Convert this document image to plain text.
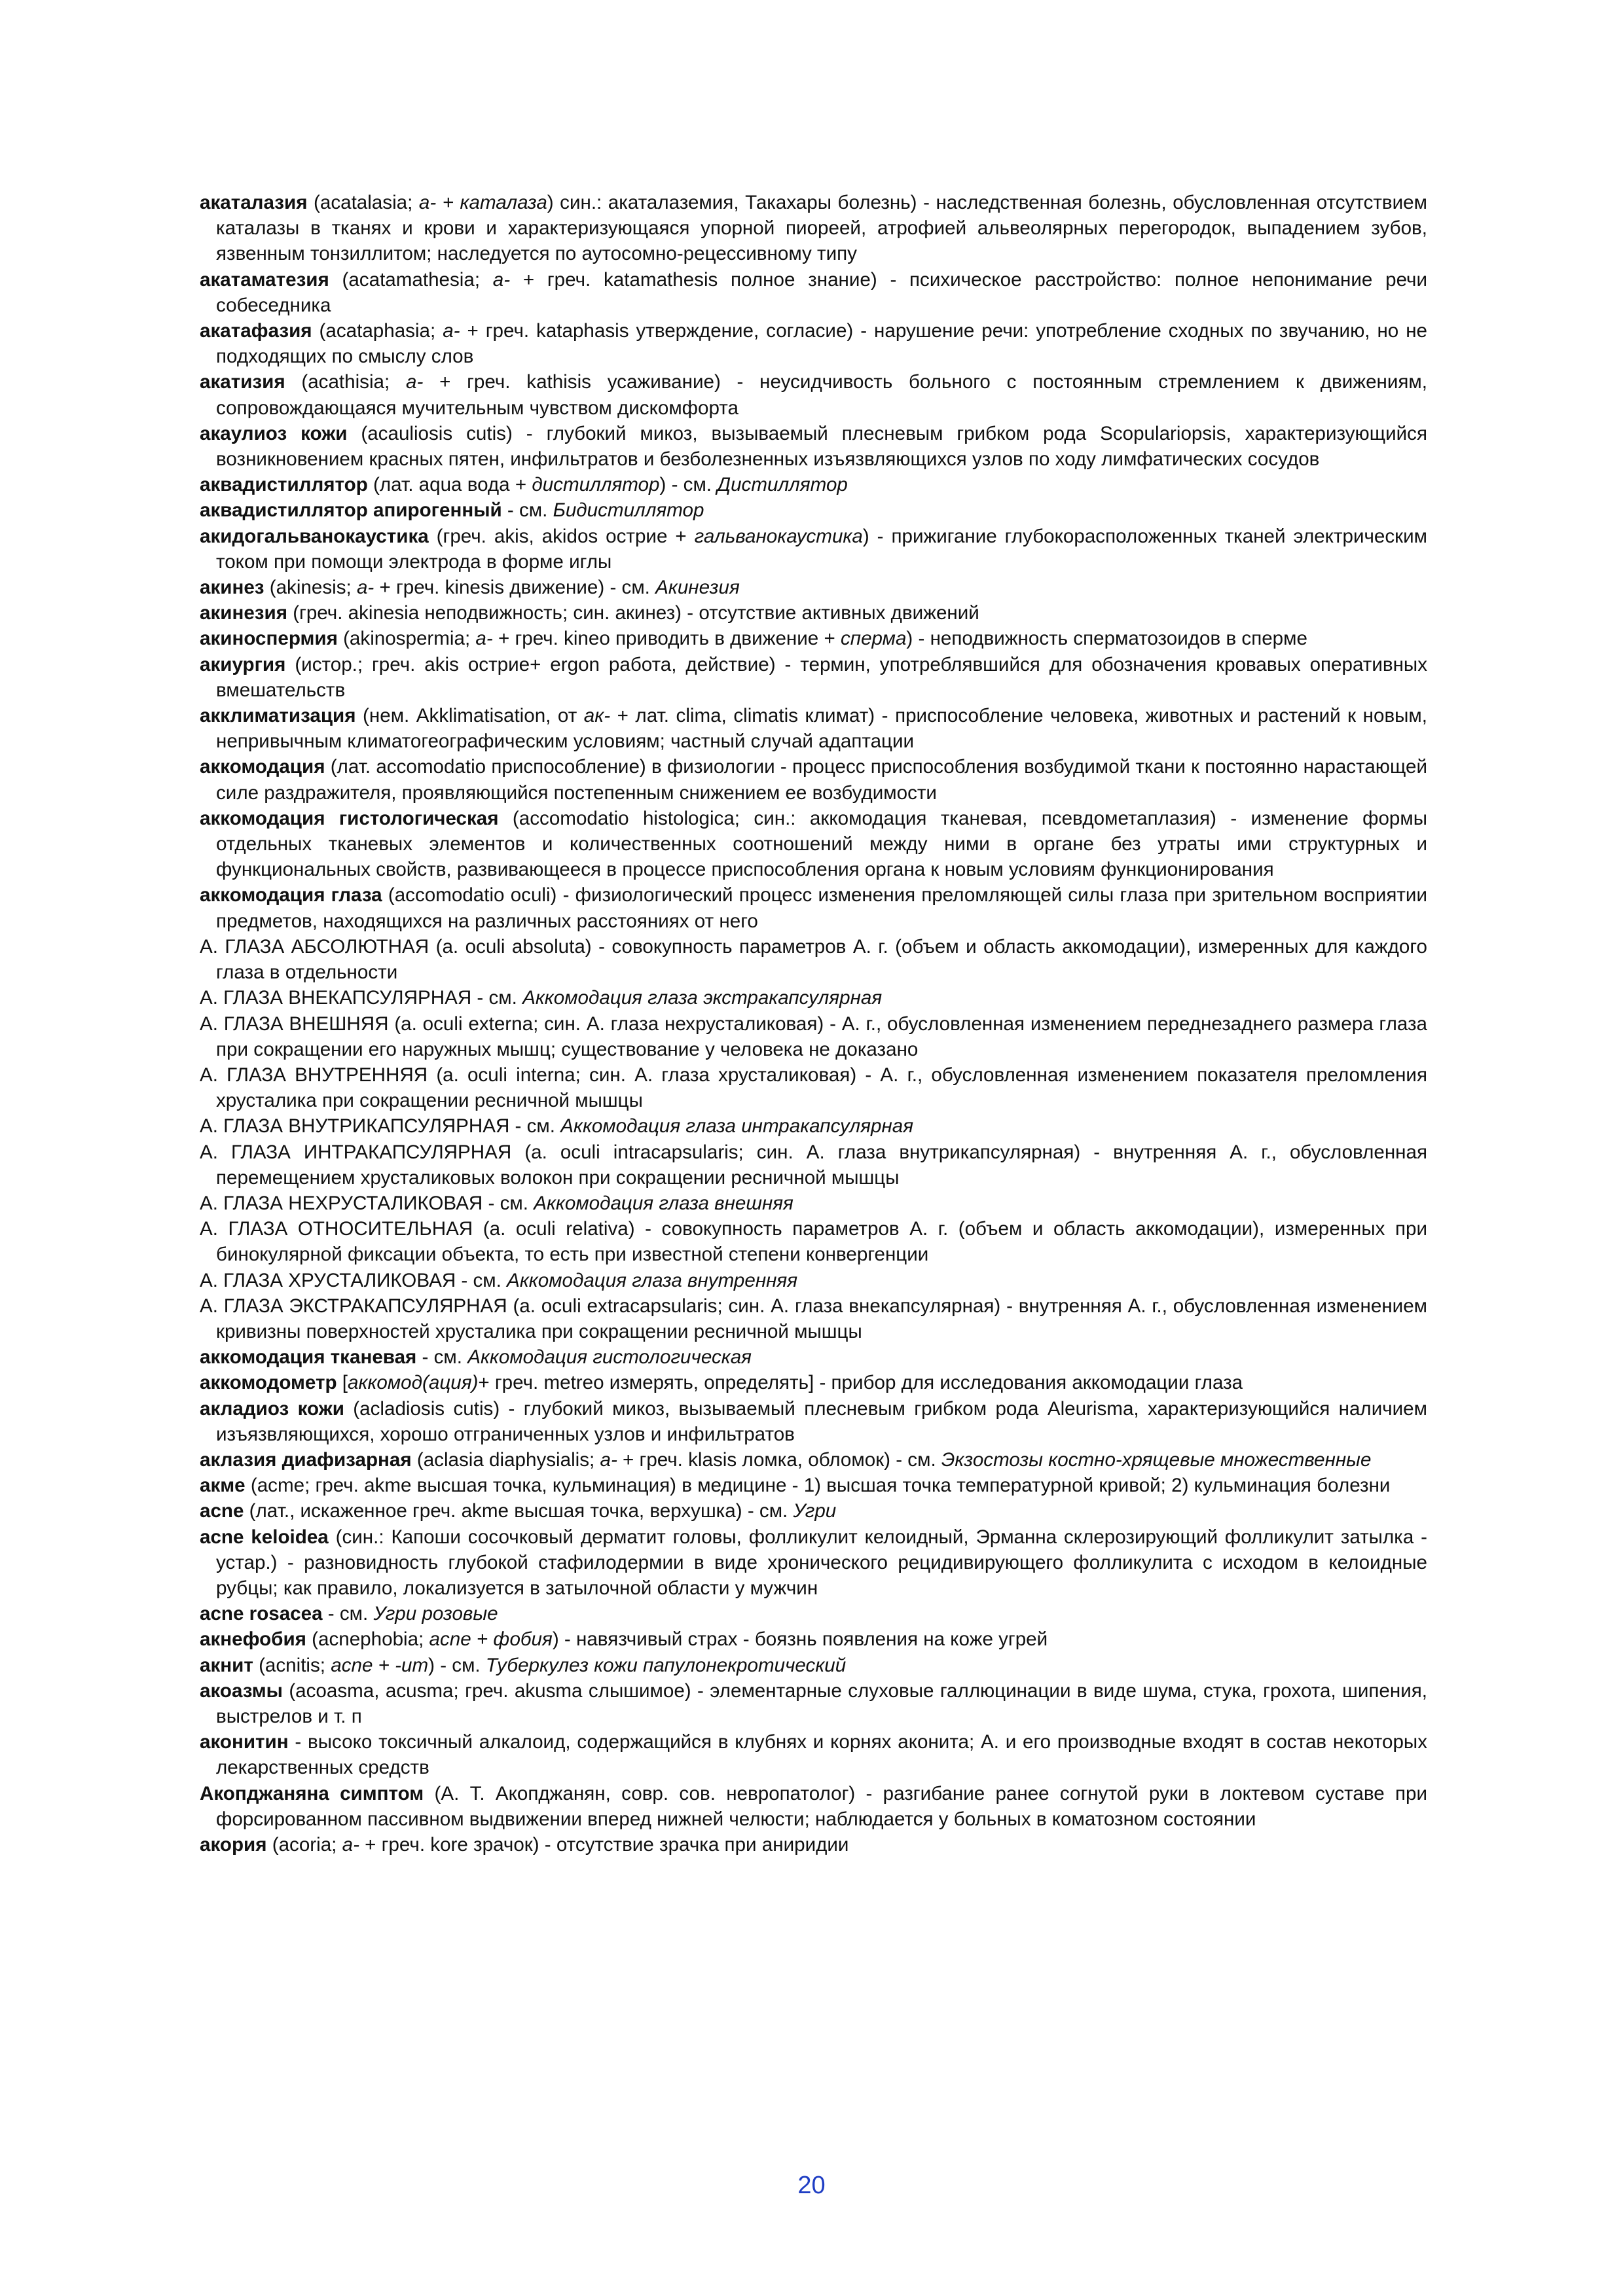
акаталазия (acatalasia; а- + каталаза) син.: акаталаземия, Такахары болезнь) - наследственная болезнь, обусловленная отсутствием каталазы в тканях и крови и характеризующаяся упорной пиореей, атрофией альвеолярных перегородок, выпадением зубов, язвенным тонзиллитом; наследуется по аутосомно-рецессивному типу

акатаматезия (acatamathesia; а- + греч. katamathesis полное знание) - психическое расстройство: полное непонимание речи собеседника

акатафазия (acataphasia; а- + греч. kataphasis утверждение, согласие) - нарушение речи: употребление сходных по звучанию, но не подходящих по смыслу слов

акатизия (acathisia; а- + греч. kathisis усаживание) - неусидчивость больного с постоянным стремлением к движениям, сопровождающаяся мучительным чувством дискомфорта

акаулиоз кожи (acauliosis cutis) - глубокий микоз, вызываемый плесневым грибком рода Scopulariopsis, характеризующийся возникновением красных пятен, инфильтратов и безболезненных изъязвляющихся узлов по ходу лимфатических сосудов

аквадистиллятор (лат. aqua вода + дистиллятор) - см. Дистиллятор

аквадистиллятор апирогенный - см. Бидистиллятор

акидогальванокаустика (греч. akis, akidos острие + гальванокаустика) - прижигание глубокорасположенных тканей электрическим током при помощи электрода в форме иглы

акинез (akinesis; а- + греч. kinesis движение) - см. Акинезия

акинезия (греч. akinesia неподвижность; син. акинез) - отсутствие активных движений

акиноспермия (akinospermia; а- + греч. kineo приводить в движение + сперма) - неподвижность сперматозоидов в сперме

акиургия (истор.; греч. akis острие+ ergon работа, действие) - термин, употреблявшийся для обозначения кровавых оперативных вмешательств

акклиматизация (нем. Akklimatisation, от ак- + лат. clima, climatis климат) - приспособление человека, животных и растений к новым, непривычным климатогеографическим условиям; частный случай адаптации

аккомодация (лат. accomodatio приспособление) в физиологии - процесс приспособления возбудимой ткани к постоянно нарастающей силе раздражителя, проявляющийся постепенным снижением ее возбудимости

аккомодация гистологическая (accomodatio histologica; син.: аккомодация тканевая, псевдометаплазия) - изменение формы отдельных тканевых элементов и количественных соотношений между ними в органе без утраты ими структурных и функциональных свойств, развивающееся в процессе приспособления органа к новым условиям функционирования

аккомодация глаза (accomodatio oculi) - физиологический процесс изменения преломляющей силы глаза при зрительном восприятии предметов, находящихся на различных расстояниях от него

А. ГЛАЗА АБСОЛЮТНАЯ (a. oculi absoluta) - совокупность параметров А. г. (объем и область аккомодации), измеренных для каждого глаза в отдельности

А. ГЛАЗА ВНЕКАПСУЛЯРНАЯ - см. Аккомодация глаза экстракапсулярная

А. ГЛАЗА ВНЕШНЯЯ (a. oculi externa; син. А. глаза нехрусталиковая) - А. г., обусловленная изменением переднезаднего размера глаза при сокращении его наружных мышц; существование у человека не доказано

А. ГЛАЗА ВНУТРЕННЯЯ (a. oculi interna; син. А. глаза хрусталиковая) - А. г., обусловленная изменением показателя преломления хрусталика при сокращении ресничной мышцы

А. ГЛАЗА ВНУТРИКАПСУЛЯРНАЯ - см. Аккомодация глаза интракапсулярная

А. ГЛАЗА ИНТРАКАПСУЛЯРНАЯ (a. oculi intracapsularis; син. А. глаза внутрикапсулярная) - внутренняя А. г., обусловленная перемещением хрусталиковых волокон при сокращении ресничной мышцы

А. ГЛАЗА НЕХРУСТАЛИКОВАЯ - см. Аккомодация глаза внешняя

А. ГЛАЗА ОТНОСИТЕЛЬНАЯ (a. oculi relativa) - совокупность параметров А. г. (объем и область аккомодации), измеренных при бинокулярной фиксации объекта, то есть при известной степени конвергенции

А. ГЛАЗА ХРУСТАЛИКОВАЯ - см. Аккомодация глаза внутренняя

А. ГЛАЗА ЭКСТРАКАПСУЛЯРНАЯ (a. oculi extracapsularis; син. А. глаза внекапсулярная) - внутренняя А. г., обусловленная изменением кривизны поверхностей хрусталика при сокращении ресничной мышцы

аккомодация тканевая - см. Аккомодация гистологическая

аккомодометр [аккомод(ация)+ греч. metreo измерять, определять] - прибор для исследования аккомодации глаза

акладиоз кожи (acladiosis cutis) - глубокий микоз, вызываемый плесневым грибком рода Aleurisma, характеризующийся наличием изъязвляющихся, хорошо отграниченных узлов и инфильтратов

аклазия диафизарная (aclasia diaphysialis; а- + греч. klasis ломка, обломок) - см. Экзостозы костно-хрящевые множественные

акме (acme; греч. akme высшая точка, кульминация) в медицине - 1) высшая точка температурной кривой; 2) кульминация болезни

acne (лат., искаженное греч. akme высшая точка, верхушка) - см. Угри

acne keloidea (син.: Капоши сосочковый дерматит головы, фолликулит келоидный, Эрманна склерозирующий фолликулит затылка - устар.) - разновидность глубокой стафилодермии в виде хронического рецидивирующего фолликулита с исходом в келоидные рубцы; как правило, локализуется в затылочной области у мужчин

acne rosacea - см. Угри розовые

акнефобия (acnephobia; acne + фобия) - навязчивый страх - боязнь появления на коже угрей

акнит (acnitis; acne + -ит) - см. Туберкулез кожи папулонекротический

акоазмы (acoasma, acusma; греч. akusma слышимое) - элементарные слуховые галлюцинации в виде шума, стука, грохота, шипения, выстрелов и т. п

аконитин - высоко токсичный алкалоид, содержащийся в клубнях и корнях аконита; А. и его производные входят в состав некоторых лекарственных средств

Акопджаняна симптом (А. Т. Акопджанян, совр. сов. невропатолог) - разгибание ранее согнутой руки в локтевом суставе при форсированном пассивном выдвижении вперед нижней челюсти; наблюдается у больных в коматозном состоянии

акория (acoria; а- + греч. kore зрачок) - отсутствие зрачка при аниридии

20
